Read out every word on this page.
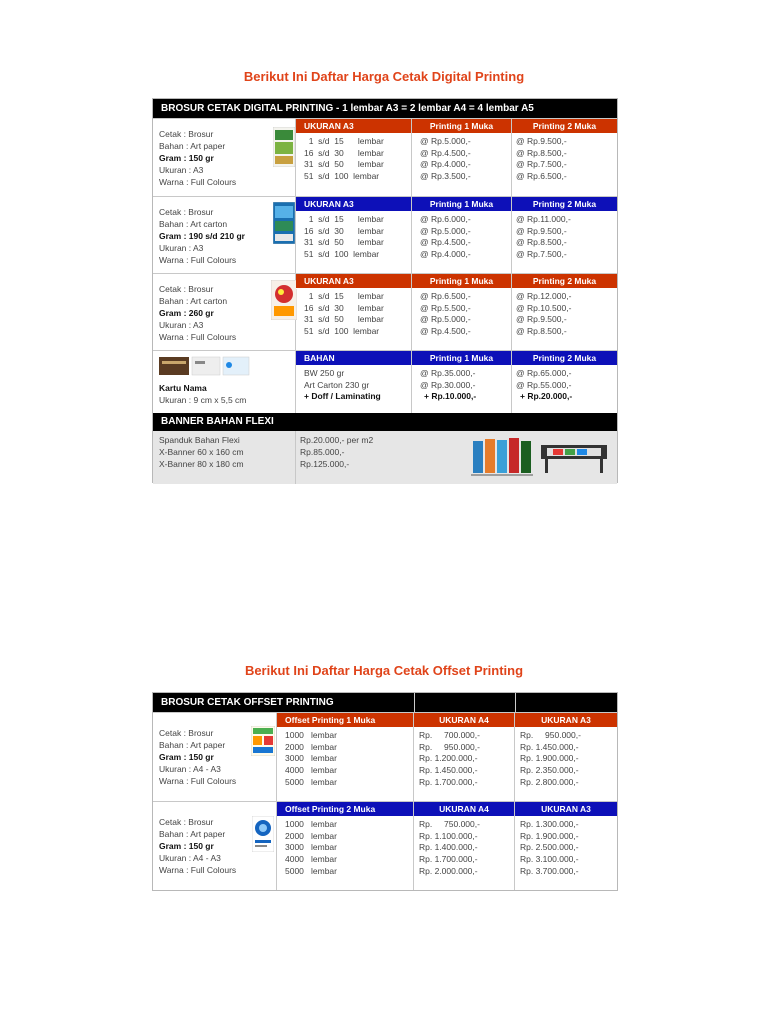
Berikut Ini Daftar Harga Cetak Digital Printing
BROSUR CETAK DIGITAL PRINTING - 1 lembar A3 = 2 lembar A4 = 4 lembar A5
Cetak : Brosur
Bahan : Art paper
Gram : 150 gr
Ukuran : A3
Warna : Full Colours
UKURAN A3
1  s/d  15      lembar
16  s/d  30      lembar
31  s/d  50      lembar
51  s/d  100  lembar
Printing 1 Muka
@ Rp.5.000,-
@ Rp.4.500,-
@ Rp.4.000,-
@ Rp.3.500,-
Printing 2 Muka
@ Rp.9.500,-
@ Rp.8.500,-
@ Rp.7.500,-
@ Rp.6.500,-
Cetak : Brosur
Bahan : Art carton
Gram : 190 s/d 210 gr
Ukuran : A3
Warna : Full Colours
UKURAN A3
1  s/d  15      lembar
16  s/d  30      lembar
31  s/d  50      lembar
51  s/d  100  lembar
Printing 1 Muka
@ Rp.6.000,-
@ Rp.5.000,-
@ Rp.4.500,-
@ Rp.4.000,-
Printing 2 Muka
@ Rp.11.000,-
@ Rp.9.500,-
@ Rp.8.500,-
@ Rp.7.500,-
Cetak : Brosur
Bahan : Art carton
Gram : 260 gr
Ukuran : A3
Warna : Full Colours
UKURAN A3
1  s/d  15      lembar
16  s/d  30      lembar
31  s/d  50      lembar
51  s/d  100  lembar
Printing 1 Muka
@ Rp.6.500,-
@ Rp.5.500,-
@ Rp.5.000,-
@ Rp.4.500,-
Printing 2 Muka
@ Rp.12.000,-
@ Rp.10.500,-
@ Rp.9.500,-
@ Rp.8.500,-
Kartu Nama
Ukuran : 9 cm x 5,5 cm
BAHAN
BW 250 gr
Art Carton 230 gr
+ Doff / Laminating
Printing 1 Muka
@ Rp.35.000,-
@ Rp.30.000,-
+ Rp.10.000,-
Printing 2 Muka
@ Rp.65.000,-
@ Rp.55.000,-
+ Rp.20.000,-
BANNER BAHAN FLEXI
Spanduk Bahan Flexi
X-Banner 60 x 160 cm
X-Banner 80 x 180 cm
Rp.20.000,- per m2
Rp.85.000,-
Rp.125.000,-
Berikut Ini Daftar Harga Cetak Offset Printing
BROSUR CETAK OFFSET PRINTING
Cetak : Brosur
Bahan : Art paper
Gram : 150 gr
Ukuran : A4 - A3
Warna : Full Colours
Offset Printing 1 Muka
1000   lembar
2000   lembar
3000   lembar
4000   lembar
5000   lembar
UKURAN A4
Rp.     700.000,-
Rp.     950.000,-
Rp. 1.200.000,-
Rp. 1.450.000,-
Rp. 1.700.000,-
UKURAN A3
Rp.     950.000,-
Rp. 1.450.000,-
Rp. 1.900.000,-
Rp. 2.350.000,-
Rp. 2.800.000,-
Cetak : Brosur
Bahan : Art paper
Gram : 150 gr
Ukuran : A4 - A3
Warna : Full Colours
Offset Printing 2 Muka
1000   lembar
2000   lembar
3000   lembar
4000   lembar
5000   lembar
UKURAN A4
Rp.     750.000,-
Rp. 1.100.000,-
Rp. 1.400.000,-
Rp. 1.700.000,-
Rp. 2.000.000,-
UKURAN A3
Rp. 1.300.000,-
Rp. 1.900.000,-
Rp. 2.500.000,-
Rp. 3.100.000,-
Rp. 3.700.000,-
